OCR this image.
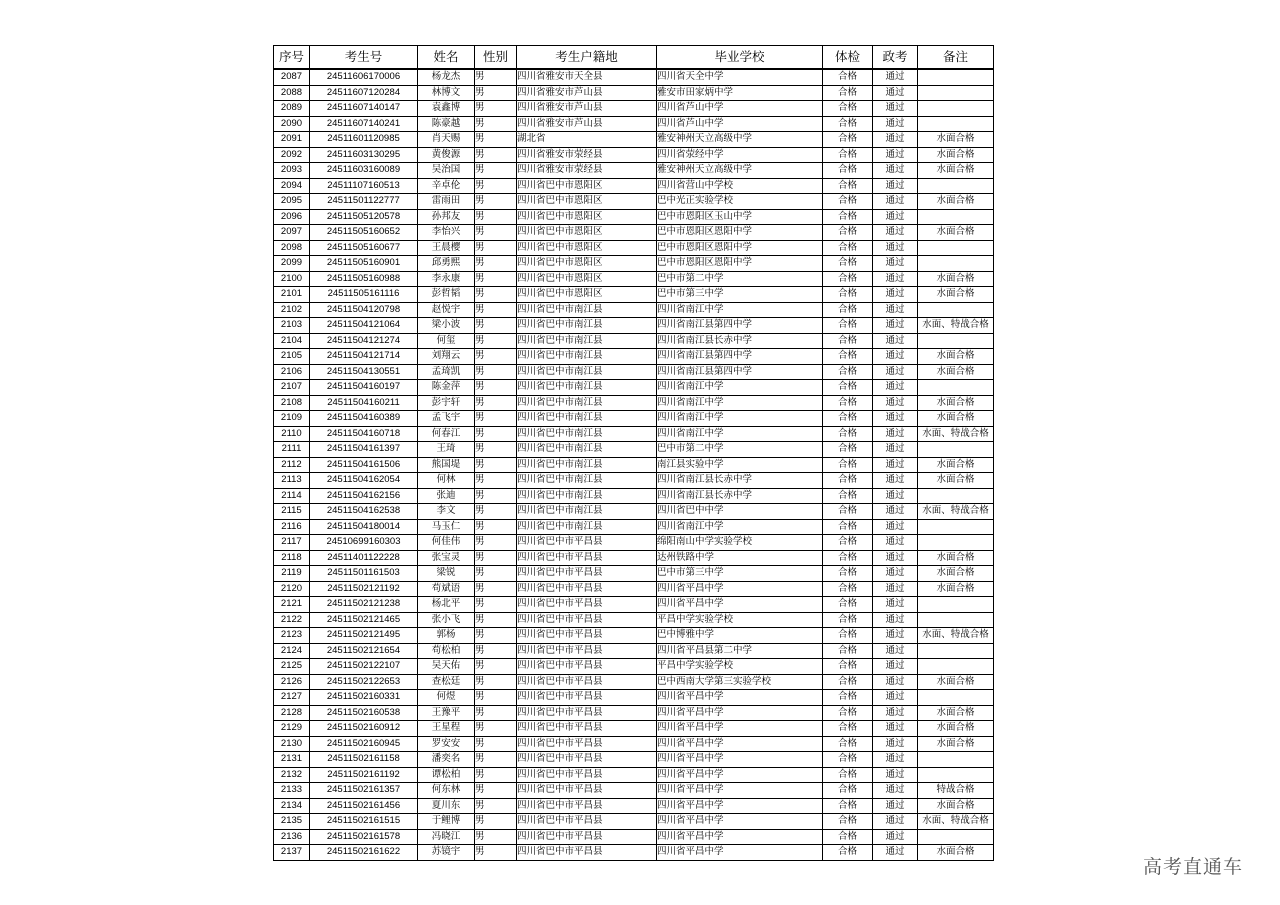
序号	考生号	姓名	性别	考生户籍地	毕业学校	体检	政考	备注
2087	24511606170006	杨龙杰	男	四川省雅安市天全县	四川省天全中学	合格	通过	
2088	24511607120284	林博文	男	四川省雅安市芦山县	雅安市田家炳中学	合格	通过	
2089	24511607140147	袁鑫博	男	四川省雅安市芦山县	四川省芦山中学	合格	通过	
2090	24511607140241	陈豪越	男	四川省雅安市芦山县	四川省芦山中学	合格	通过	
2091	24511601120985	肖天赐	男	湖北省	雅安神州天立高级中学	合格	通过	水面合格
2092	24511603130295	黄俊源	男	四川省雅安市荥经县	四川省荥经中学	合格	通过	水面合格
2093	24511603160089	吴治国	男	四川省雅安市荥经县	雅安神州天立高级中学	合格	通过	水面合格
2094	24511107160513	辛卓伦	男	四川省巴中市恩阳区	四川省营山中学校	合格	通过	
2095	24511501122777	雷雨田	男	四川省巴中市恩阳区	巴中光正实验学校	合格	通过	水面合格
2096	24511505120578	孙邦友	男	四川省巴中市恩阳区	巴中市恩阳区玉山中学	合格	通过	
2097	24511505160652	李怡兴	男	四川省巴中市恩阳区	巴中市恩阳区恩阳中学	合格	通过	水面合格
2098	24511505160677	王晨樱	男	四川省巴中市恩阳区	巴中市恩阳区恩阳中学	合格	通过	
2099	24511505160901	邱勇熙	男	四川省巴中市恩阳区	巴中市恩阳区恩阳中学	合格	通过	
2100	24511505160988	李永康	男	四川省巴中市恩阳区	巴中市第二中学	合格	通过	水面合格
2101	24511505161116	彭哲韬	男	四川省巴中市恩阳区	巴中市第三中学	合格	通过	水面合格
2102	24511504120798	赵悦宇	男	四川省巴中市南江县	四川省南江中学	合格	通过	
2103	24511504121064	梁小波	男	四川省巴中市南江县	四川省南江县第四中学	合格	通过	水面、特战合格
2104	24511504121274	何玺	男	四川省巴中市南江县	四川省南江县长赤中学	合格	通过	
2105	24511504121714	刘翔云	男	四川省巴中市南江县	四川省南江县第四中学	合格	通过	水面合格
2106	24511504130551	孟琦凯	男	四川省巴中市南江县	四川省南江县第四中学	合格	通过	水面合格
2107	24511504160197	陈金萍	男	四川省巴中市南江县	四川省南江中学	合格	通过	
2108	24511504160211	彭宇轩	男	四川省巴中市南江县	四川省南江中学	合格	通过	水面合格
2109	24511504160389	孟飞宇	男	四川省巴中市南江县	四川省南江中学	合格	通过	水面合格
2110	24511504160718	何春江	男	四川省巴中市南江县	四川省南江中学	合格	通过	水面、特战合格
2111	24511504161397	王琦	男	四川省巴中市南江县	巴中市第二中学	合格	通过	
2112	24511504161506	熊国堤	男	四川省巴中市南江县	南江县实验中学	合格	通过	水面合格
2113	24511504162054	何林	男	四川省巴中市南江县	四川省南江县长赤中学	合格	通过	水面合格
2114	24511504162156	张迪	男	四川省巴中市南江县	四川省南江县长赤中学	合格	通过	
2115	24511504162538	李文	男	四川省巴中市南江县	四川省巴中中学	合格	通过	水面、特战合格
2116	24511504180014	马玉仁	男	四川省巴中市南江县	四川省南江中学	合格	通过	
2117	24510699160303	何佳伟	男	四川省巴中市平昌县	绵阳南山中学实验学校	合格	通过	
2118	24511401122228	张宝灵	男	四川省巴中市平昌县	达州铁路中学	合格	通过	水面合格
2119	24511501161503	梁锐	男	四川省巴中市平昌县	巴中市第三中学	合格	通过	水面合格
2120	24511502121192	苟斌语	男	四川省巴中市平昌县	四川省平昌中学	合格	通过	水面合格
2121	24511502121238	杨北平	男	四川省巴中市平昌县	四川省平昌中学	合格	通过	
2122	24511502121465	张小飞	男	四川省巴中市平昌县	平昌中学实验学校	合格	通过	
2123	24511502121495	郭杨	男	四川省巴中市平昌县	巴中博雅中学	合格	通过	水面、特战合格
2124	24511502121654	苟松柏	男	四川省巴中市平昌县	四川省平昌县第二中学	合格	通过	
2125	24511502122107	吴天佑	男	四川省巴中市平昌县	平昌中学实验学校	合格	通过	
2126	24511502122653	查松廷	男	四川省巴中市平昌县	巴中西南大学第三实验学校	合格	通过	水面合格
2127	24511502160331	何煜	男	四川省巴中市平昌县	四川省平昌中学	合格	通过	
2128	24511502160538	王豫平	男	四川省巴中市平昌县	四川省平昌中学	合格	通过	水面合格
2129	24511502160912	王星程	男	四川省巴中市平昌县	四川省平昌中学	合格	通过	水面合格
2130	24511502160945	罗安安	男	四川省巴中市平昌县	四川省平昌中学	合格	通过	水面合格
2131	24511502161158	潘奕名	男	四川省巴中市平昌县	四川省平昌中学	合格	通过	
2132	24511502161192	谭松柏	男	四川省巴中市平昌县	四川省平昌中学	合格	通过	
2133	24511502161357	何东林	男	四川省巴中市平昌县	四川省平昌中学	合格	通过	特战合格
2134	24511502161456	夏川东	男	四川省巴中市平昌县	四川省平昌中学	合格	通过	水面合格
2135	24511502161515	于鲤博	男	四川省巴中市平昌县	四川省平昌中学	合格	通过	水面、特战合格
2136	24511502161578	冯晓江	男	四川省巴中市平昌县	四川省平昌中学	合格	通过	
2137	24511502161622	苏镜宇	男	四川省巴中市平昌县	四川省平昌中学	合格	通过	水面合格
高考直通车
